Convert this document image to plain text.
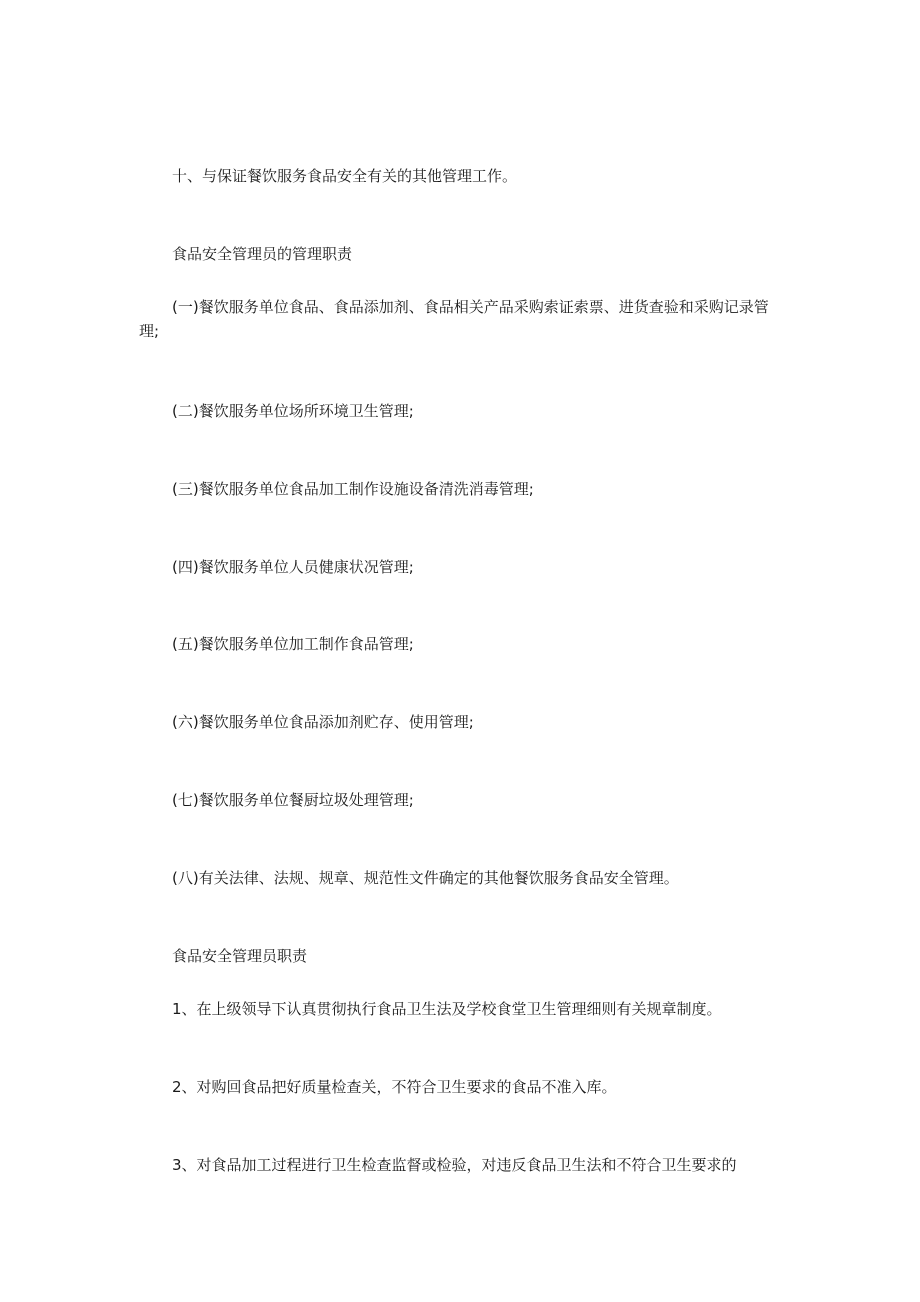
十、与保证餐饮服务食品安全有关的其他管理工作。

食品安全管理员的管理职责

(一)餐饮服务单位食品、食品添加剂、食品相关产品采购索证索票、进货查验和采购记录管理;

(二)餐饮服务单位场所环境卫生管理;

(三)餐饮服务单位食品加工制作设施设备清洗消毒管理;

(四)餐饮服务单位人员健康状况管理;

(五)餐饮服务单位加工制作食品管理;

(六)餐饮服务单位食品添加剂贮存、使用管理;

(七)餐饮服务单位餐厨垃圾处理管理;

(八)有关法律、法规、规章、规范性文件确定的其他餐饮服务食品安全管理。

食品安全管理员职责

1、在上级领导下认真贯彻执行食品卫生法及学校食堂卫生管理细则有关规章制度。

2、对购回食品把好质量检查关，不符合卫生要求的食品不准入库。

3、对食品加工过程进行卫生检查监督或检验，对违反食品卫生法和不符合卫生要求的
